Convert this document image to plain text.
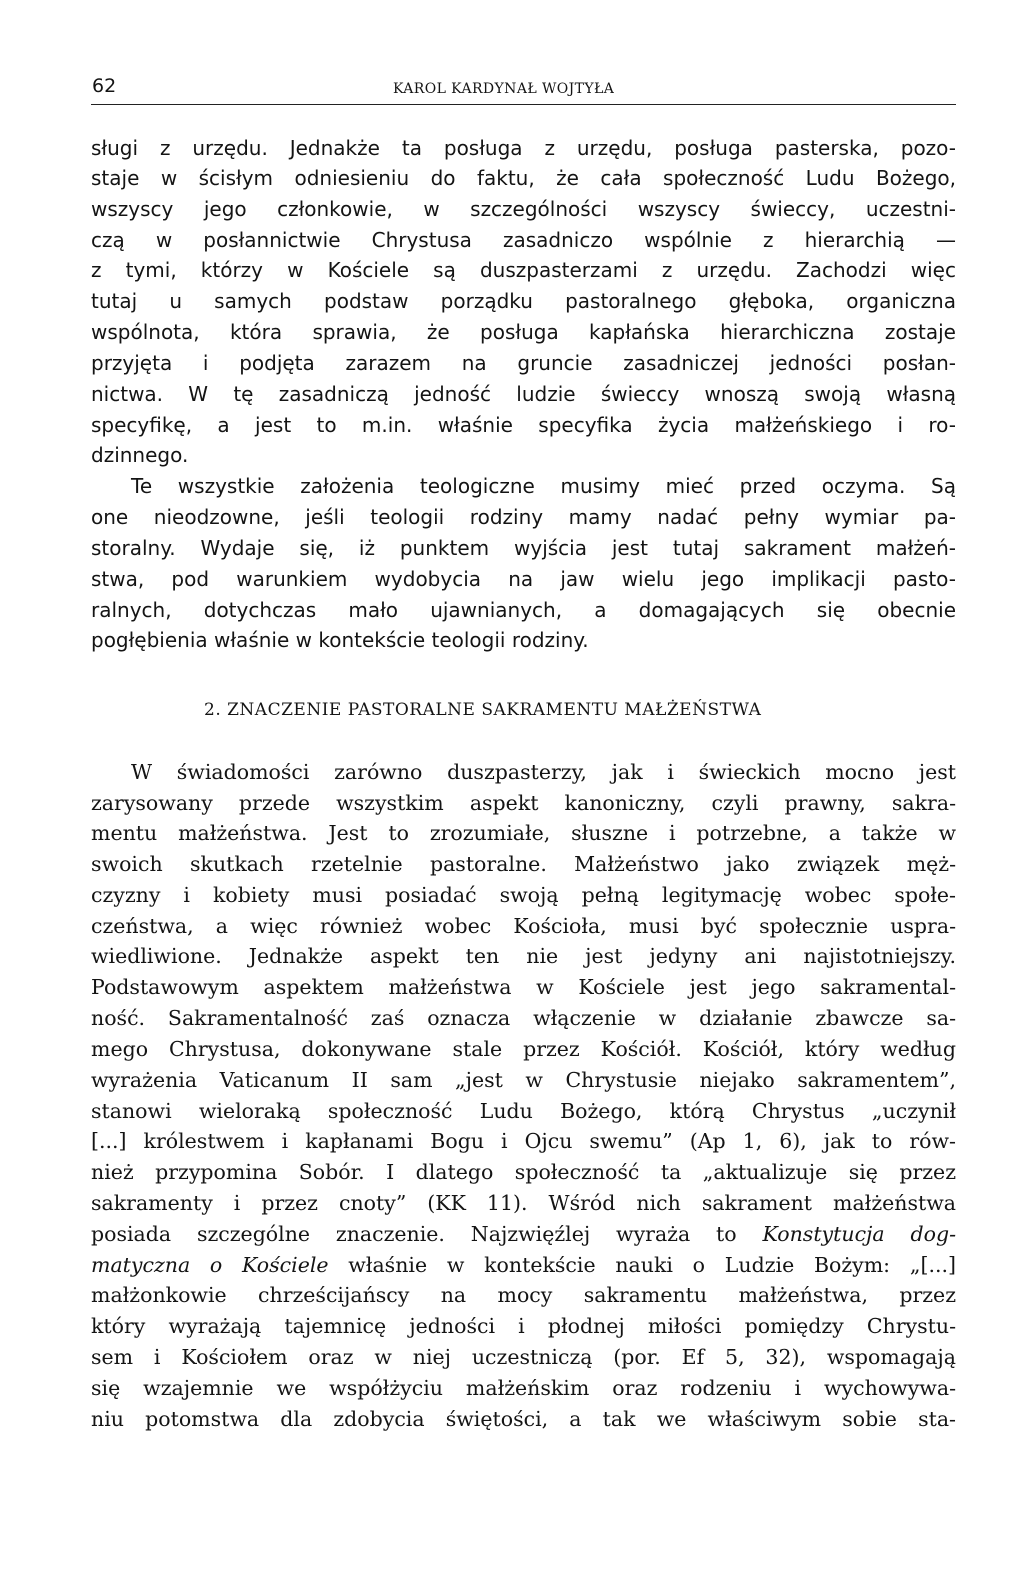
62	KAROL KARDYNAŁ WOJTYŁA
sługi z urzędu. Jednakże ta posługa z urzędu, posługa pasterska, pozo-
staje w ścisłym odniesieniu do faktu, że cała społeczność Ludu Bożego,
wszyscy jego członkowie, w szczególności wszyscy świeccy, uczestni-
czą w posłannictwie Chrystusa zasadniczo wspólnie z hierarchią —
z tymi, którzy w Kościele są duszpasterzami z urzędu. Zachodzi więc
tutaj u samych podstaw porządku pastoralnego głęboka, organiczna
wspólnota, która sprawia, że posługa kapłańska hierarchiczna zostaje
przyjęta i podjęta zarazem na gruncie zasadniczej jedności posłan-
nictwa. W tę zasadniczą jedność ludzie świeccy wnoszą swoją własną
specyfikę, a jest to m.in. właśnie specyfika życia małżeńskiego i ro-
dzinnego.
Te wszystkie założenia teologiczne musimy mieć przed oczyma. Są
one nieodzowne, jeśli teologii rodziny mamy nadać pełny wymiar pa-
storalny. Wydaje się, iż punktem wyjścia jest tutaj sakrament małżeń-
stwa, pod warunkiem wydobycia na jaw wielu jego implikacji pasto-
ralnych, dotychczas mało ujawnianych, a domagających się obecnie
pogłębienia właśnie w kontekście teologii rodziny.
2. ZNACZENIE PASTORALNE SAKRAMENTU MAŁŻEŃSTWA
W świadomości zarówno duszpasterzy, jak i świeckich mocno jest
zarysowany przede wszystkim aspekt kanoniczny, czyli prawny, sakra-
mentu małżeństwa. Jest to zrozumiałe, słuszne i potrzebne, a także w
swoich skutkach rzetelnie pastoralne. Małżeństwo jako związek męż-
czyzny i kobiety musi posiadać swoją pełną legitymację wobec społe-
czeństwa, a więc również wobec Kościoła, musi być społecznie uspra-
wiedliwione. Jednakże aspekt ten nie jest jedyny ani najistotniejszy.
Podstawowym aspektem małżeństwa w Kościele jest jego sakramental-
ność. Sakramentalność zaś oznacza włączenie w działanie zbawcze sa-
mego Chrystusa, dokonywane stale przez Kościół. Kościół, który według
wyrażenia Vaticanum II sam „jest w Chrystusie niejako sakramentem”,
stanowi wieloraką społeczność Ludu Bożego, którą Chrystus „uczynił
[...] królestwem i kapłanami Bogu i Ojcu swemu” (Ap 1, 6), jak to rów-
nież przypomina Sobór. I dlatego społeczność ta „aktualizuje się przez
sakramenty i przez cnoty” (KK 11). Wśród nich sakrament małżeństwa
posiada szczególne znaczenie. Najzwięźlej wyraża to Konstytucja dog-
matyczna o Kościele właśnie w kontekście nauki o Ludzie Bożym: „[...]
małżonkowie chrześcijańscy na mocy sakramentu małżeństwa, przez
który wyrażają tajemnicę jedności i płodnej miłości pomiędzy Chrystu-
sem i Kościołem oraz w niej uczestniczą (por. Ef 5, 32), wspomagają
się wzajemnie we współżyciu małżeńskim oraz rodzeniu i wychowywa-
niu potomstwa dla zdobycia świętości, a tak we właściwym sobie sta-
